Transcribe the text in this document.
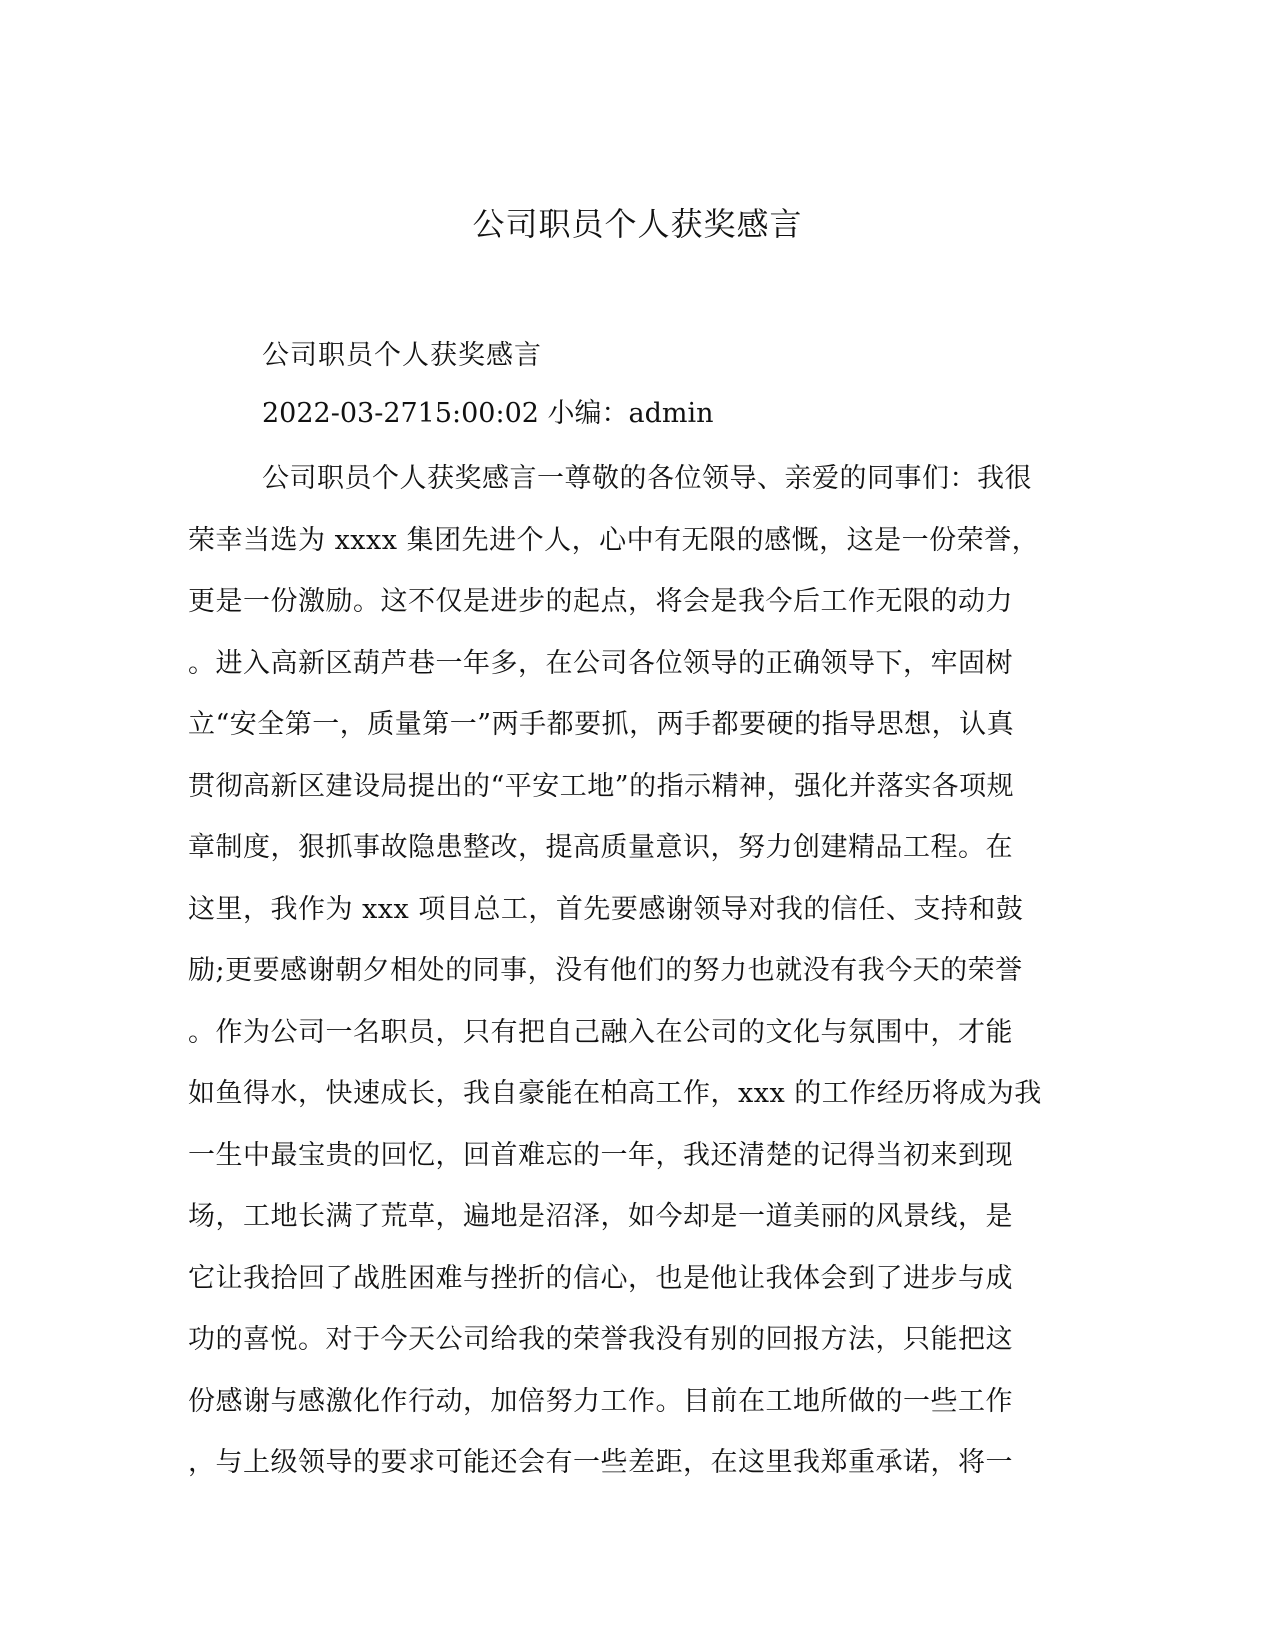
公司职员个人获奖感言
公司职员个人获奖感言
2022-03-2715:00:02 小编：admin
公司职员个人获奖感言一尊敬的各位领导、亲爱的同事们：我很
荣幸当选为 xxxx 集团先进个人，心中有无限的感慨，这是一份荣誉，
更是一份激励。这不仅是进步的起点，将会是我今后工作无限的动力
。进入高新区葫芦巷一年多，在公司各位领导的正确领导下，牢固树
立“安全第一，质量第一”两手都要抓，两手都要硬的指导思想，认真
贯彻高新区建设局提出的“平安工地”的指示精神，强化并落实各项规
章制度，狠抓事故隐患整改，提高质量意识，努力创建精品工程。在
这里，我作为 xxx 项目总工，首先要感谢领导对我的信任、支持和鼓
励;更要感谢朝夕相处的同事，没有他们的努力也就没有我今天的荣誉
。作为公司一名职员，只有把自己融入在公司的文化与氛围中，才能
如鱼得水，快速成长，我自豪能在柏高工作，xxx 的工作经历将成为我
一生中最宝贵的回忆，回首难忘的一年，我还清楚的记得当初来到现
场，工地长满了荒草，遍地是沼泽，如今却是一道美丽的风景线，是
它让我拾回了战胜困难与挫折的信心，也是他让我体会到了进步与成
功的喜悦。对于今天公司给我的荣誉我没有别的回报方法，只能把这
份感谢与感激化作行动，加倍努力工作。目前在工地所做的一些工作
，与上级领导的要求可能还会有一些差距，在这里我郑重承诺，将一
